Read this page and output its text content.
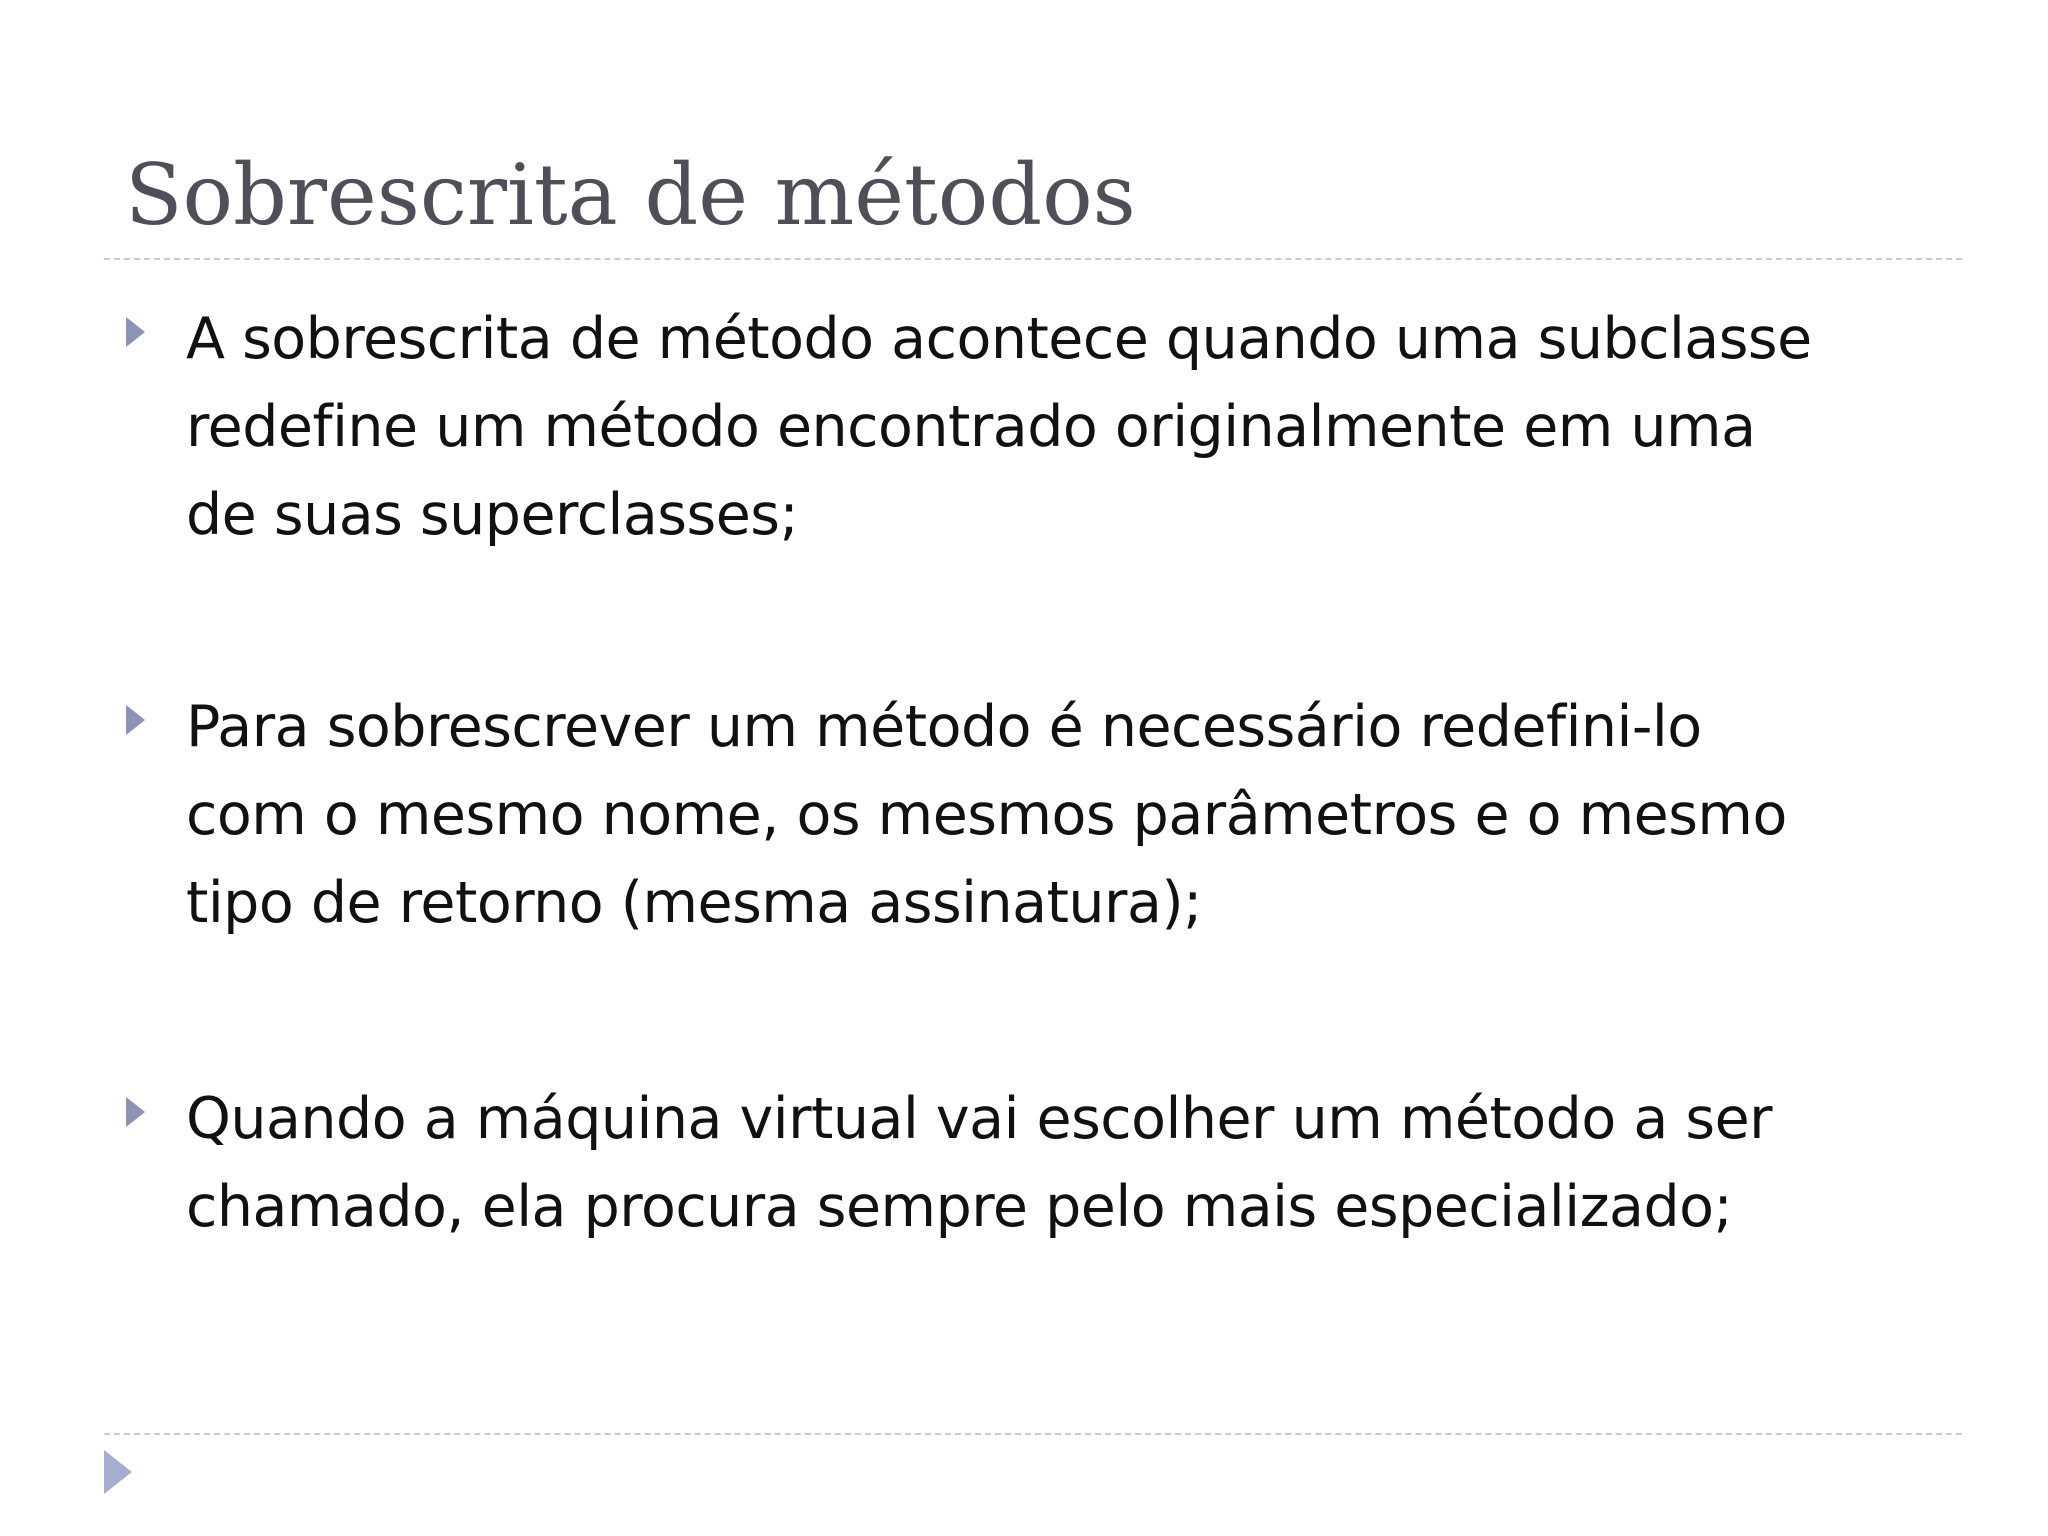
Sobrescrita de métodos
A sobrescrita de método acontece quando uma subclasse
redefine um método encontrado originalmente em uma
de suas superclasses;
Para sobrescrever um método é necessário redefini-lo
com o mesmo nome, os mesmos parâmetros e o mesmo
tipo de retorno (mesma assinatura);
Quando a máquina virtual vai escolher um método a ser
chamado, ela procura sempre pelo mais especializado;
